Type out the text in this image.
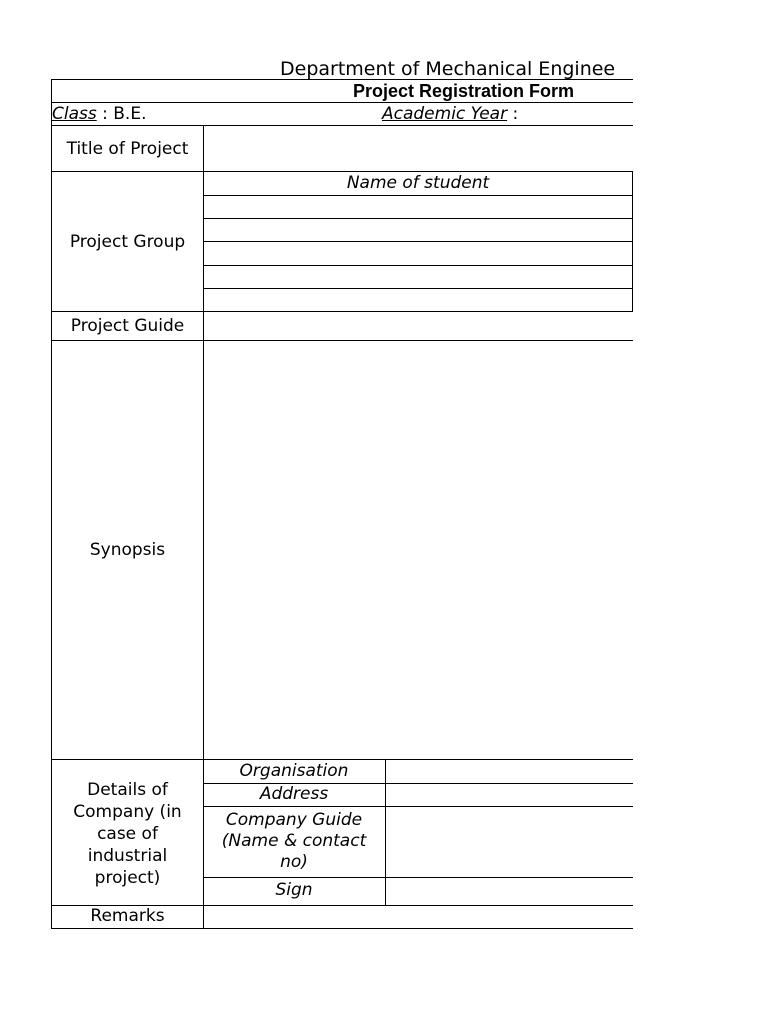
Department of Mechanical Enginee
Project Registration Form
Class : B.E.	Academic Year :
Title of Project
Project Group
Name of student
Project Guide
Synopsis
Details of Company (in case of industrial project)
Organisation
Address
Company Guide (Name & contact no)
Sign
Remarks
